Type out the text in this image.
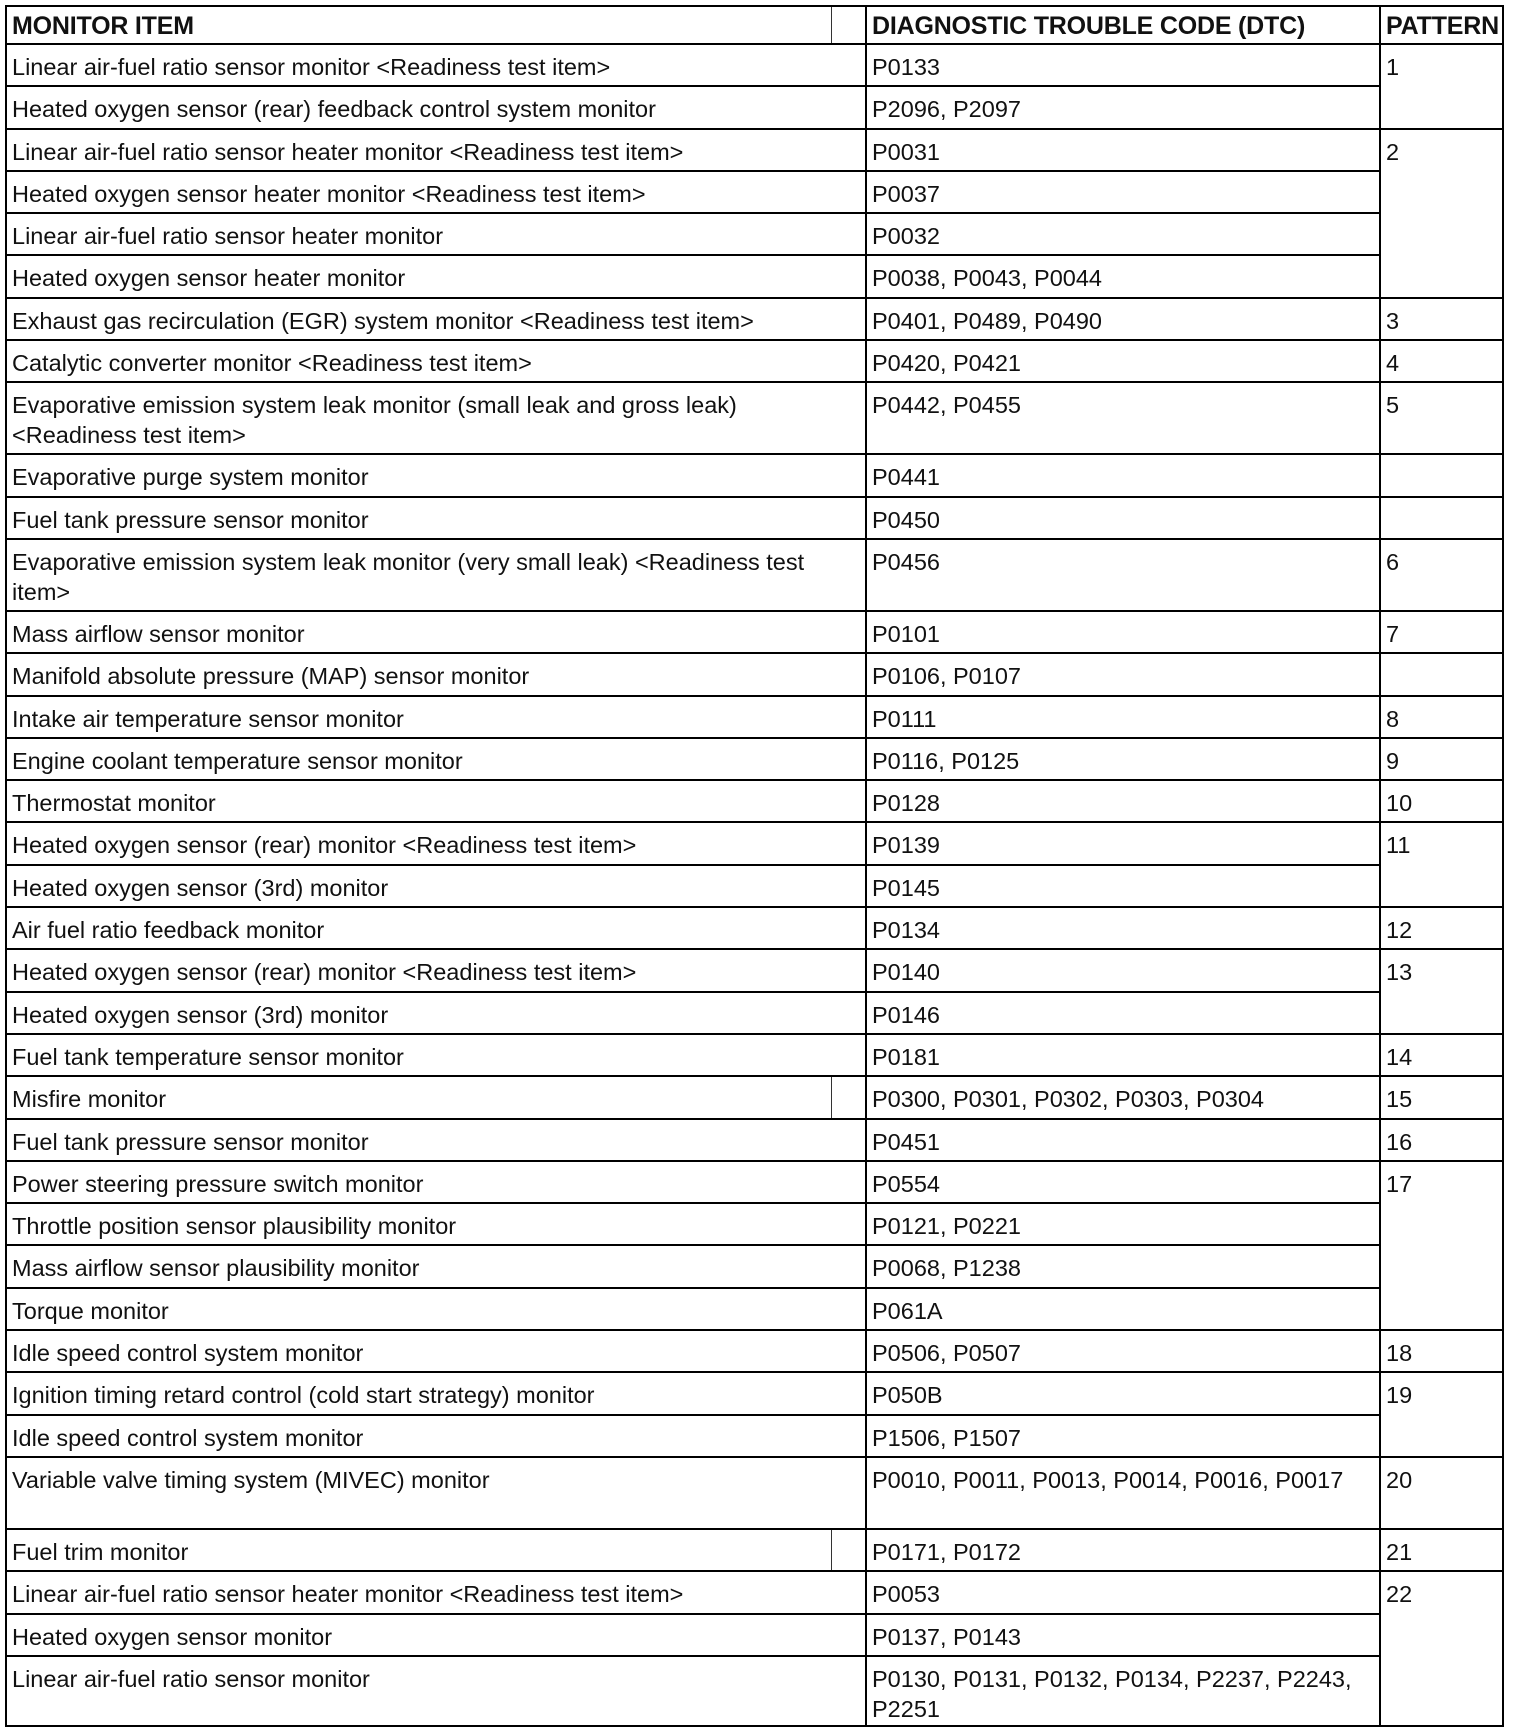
MONITOR ITEM	DIAGNOSTIC TROUBLE CODE (DTC)	PATTERN
Linear air-fuel ratio sensor monitor <Readiness test item>	P0133	1
Heated oxygen sensor (rear) feedback control system monitor	P2096, P2097	
Linear air-fuel ratio sensor heater monitor <Readiness test item>	P0031	2
Heated oxygen sensor heater monitor <Readiness test item>	P0037	
Linear air-fuel ratio sensor heater monitor	P0032	
Heated oxygen sensor heater monitor	P0038, P0043, P0044	
Exhaust gas recirculation (EGR) system monitor <Readiness test item>	P0401, P0489, P0490	3
Catalytic converter monitor <Readiness test item>	P0420, P0421	4
Evaporative emission system leak monitor (small leak and gross leak) <Readiness test item>	P0442, P0455	5
Evaporative purge system monitor	P0441	
Fuel tank pressure sensor monitor	P0450	
Evaporative emission system leak monitor (very small leak) <Readiness test item>	P0456	6
Mass airflow sensor monitor	P0101	7
Manifold absolute pressure (MAP) sensor monitor	P0106, P0107	
Intake air temperature sensor monitor	P0111	8
Engine coolant temperature sensor monitor	P0116, P0125	9
Thermostat monitor	P0128	10
Heated oxygen sensor (rear) monitor <Readiness test item>	P0139	11
Heated oxygen sensor (3rd) monitor	P0145	
Air fuel ratio feedback monitor	P0134	12
Heated oxygen sensor (rear) monitor <Readiness test item>	P0140	13
Heated oxygen sensor (3rd) monitor	P0146	
Fuel tank temperature sensor monitor	P0181	14
Misfire monitor	P0300, P0301, P0302, P0303, P0304	15
Fuel tank pressure sensor monitor	P0451	16
Power steering pressure switch monitor	P0554	17
Throttle position sensor plausibility monitor	P0121, P0221	
Mass airflow sensor plausibility monitor	P0068, P1238	
Torque monitor	P061A	
Idle speed control system monitor	P0506, P0507	18
Ignition timing retard control (cold start strategy) monitor	P050B	19
Idle speed control system monitor	P1506, P1507	
Variable valve timing system (MIVEC) monitor	P0010, P0011, P0013, P0014, P0016, P0017	20
Fuel trim monitor	P0171, P0172	21
Linear air-fuel ratio sensor heater monitor <Readiness test item>	P0053	22
Heated oxygen sensor monitor	P0137, P0143	
Linear air-fuel ratio sensor monitor	P0130, P0131, P0132, P0134, P2237, P2243, P2251	
